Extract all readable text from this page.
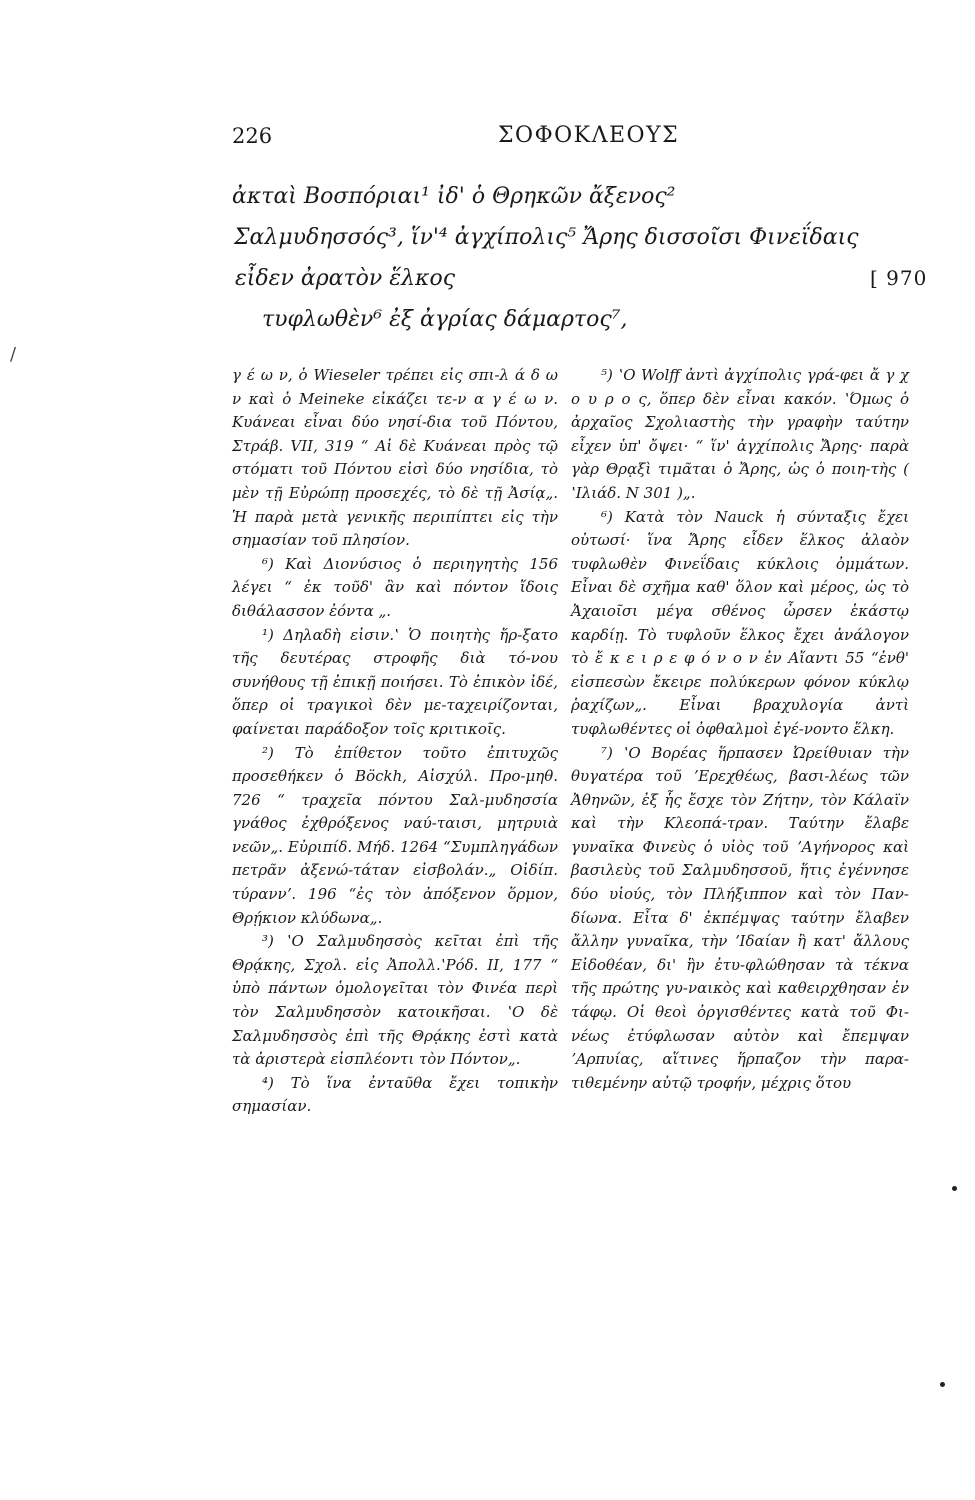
226	ΣΟΦΟΚΛΕΟΥΣ
ἀκταὶ Βοσπόριαι¹ ἰδ' ὁ Θρηκῶν ἄξενος²
Σαλμυδησσός³, ἵν'⁴ ἀγχίπολις⁵ Ἄρης δισσοῖσι Φινεΐδαις
εἶδεν ἀρατὸν ἕλκος	[ 970
τυφλωθὲν⁶ ἐξ ἀγρίας δάμαρτος⁷,
/

γ έ ω ν, ὁ Wieseler τρέπει εἰς σπι-λ ά δ ω ν καὶ ὁ Meineke εἰκάζει τε-ν α γ έ ω ν. Κυάνεαι εἶναι δύο νησί-δια τοῦ Πόντου, Στράβ. VII, 319 “ Αἱ δὲ Κυάνεαι πρὸς τῷ στόματι τοῦ Πόντου εἰσὶ δύο νησίδια, τὸ μὲν τῇ Εὐρώπῃ προσεχές, τὸ δὲ τῇ Ἀσίᾳ„. Ἡ παρὰ μετὰ γενικῆς περιπίπτει εἰς τὴν σημασίαν τοῦ πλησίον.

⁶) Καὶ Διονύσιος ὁ περιηγητὴς 156 λέγει “ ἐκ τοῦδ' ἂν καὶ πόντον ἴδοις διθάλασσον ἐόντα „.

¹) Δηλαδὴ εἰσιν.ʽ Ὁ ποιητὴς ἤρ-ξατο τῆς δευτέρας στροφῆς διὰ τό-νου συνήθους τῇ ἐπικῇ ποιήσει. Τὸ ἐπικὸν ἰδέ, ὅπερ οἱ τραγικοὶ δὲν με-ταχειρίζονται, φαίνεται παράδοξον τοῖς κριτικοῖς.

²) Τὸ ἐπίθετον τοῦτο ἐπιτυχῶς προσεθήκεν ὁ Böckh, Αἰσχύλ. Προ-μηθ. 726 “ τραχεῖα πόντου Σαλ-μυδησσία γνάθος ἐχθρόξενος ναύ-ταισι, μητρυιὰ νεῶν„. Εὐριπίδ. Μήδ. 1264 “Συμπληγάδων πετρᾶν ἀξενώ-τάταν εἰσβολάν.„ Οἰδίπ. τύραννʼ. 196 “ἐς τὸν ἀπόξενον ὅρμον, Θρῄκιον κλύδωνα„.

³) ʽΟ Σαλμυδησσὸς κεῖται ἐπὶ τῆς Θρᾴκης, Σχολ. εἰς Ἀπολλ.ʽΡόδ. II, 177 “ ὑπὸ πάντων ὁμολογεῖται τὸν Φινέα περὶ τὸν Σαλμυδησσὸν κατοικῆσαι. ʽΟ δὲ Σαλμυδησσὸς ἐπὶ τῆς Θρᾴκης ἐστὶ κατὰ τὰ ἀριστερὰ εἰσπλέοντι τὸν Πόντον„.

⁴) Τὸ ἵνα ἐνταῦθα ἔχει τοπικὴν σημασίαν.

⁵) ʽΟ Wolff ἀντὶ ἀγχίπολις γρά-φει ἄ γ χ ο υ ρ ο ς, ὅπερ δὲν εἶναι κακόν. ʽΌμως ὁ ἀρχαῖος Σχολιαστὴς τὴν γραφὴν ταύτην εἶχεν ὑπ' ὄψει· “ ἵν' ἀγχίπολις Ἄρης· παρὰ γὰρ Θρᾳξὶ τιμᾶται ὁ Ἄρης, ὡς ὁ ποιη-τὴς ( ʽΙλιάδ. Ν 301 )„.

⁶) Κατὰ τὸν Nauck ἡ σύνταξις ἔχει οὑτωσί· ἵνα Ἄρης εἶδεν ἕλκος ἀλαὸν τυφλωθὲν Φινεΐδαις κύκλοις ὀμμάτων. Εἶναι δὲ σχῆμα καθ' ὅλον καὶ μέρος, ὡς τὸ Ἀχαιοῖσι μέγα σθένος ὦρσεν ἑκάστῳ καρδίῃ. Τὸ τυφλοῦν ἕλκος ἔχει ἀνάλογον τὸ ἔ κ ε ι ρ ε φ ό ν ο ν ἐν Αἴαντι 55 “ἐνθ' εἰσπεσὼν ἔκειρε πολύκερων φόνον κύκλῳ ῥαχίζων„. Εἶναι βραχυλογία ἀντὶ τυφλωθέντες οἱ ὀφθαλμοὶ ἐγέ-νοντο ἕλκη.

⁷) ʽΟ Βορέας ἥρπασεν Ὠρείθυιαν τὴν θυγατέρα τοῦ ʼΕρεχθέως, βασι-λέως τῶν Ἀθηνῶν, ἐξ ἧς ἔσχε τὸν Ζήτην, τὸν Κάλαϊν καὶ τὴν Κλεοπά-τραν. Ταύτην ἔλαβε γυναῖκα Φινεὺς ὁ υἱὸς τοῦ ʼΑγήνορος καὶ βασιλεὺς τοῦ Σαλμυδησσοῦ, ἥτις ἐγέννησε δύο υἱούς, τὸν Πλήξιππον καὶ τὸν Παν-δίωνα. Εἶτα δ' ἐκπέμψας ταύτην ἔλαβεν ἄλλην γυναῖκα, τὴν ʼΙδαίαν ἢ κατ' ἄλλους Εἰδοθέαν, δι' ἣν ἐτυ-φλώθησαν τὰ τέκνα τῆς πρώτης γυ-ναικὸς καὶ καθειρχθησαν ἐν τάφῳ. Οἱ θεοὶ ὀργισθέντες κατὰ τοῦ Φι-νέως ἐτύφλωσαν αὐτὸν καὶ ἔπεμψαν ʼΑρπυίας, αἵτινες ἥρπαζον τὴν παρα-τιθεμένην αὐτῷ τροφήν, μέχρις ὅτου
